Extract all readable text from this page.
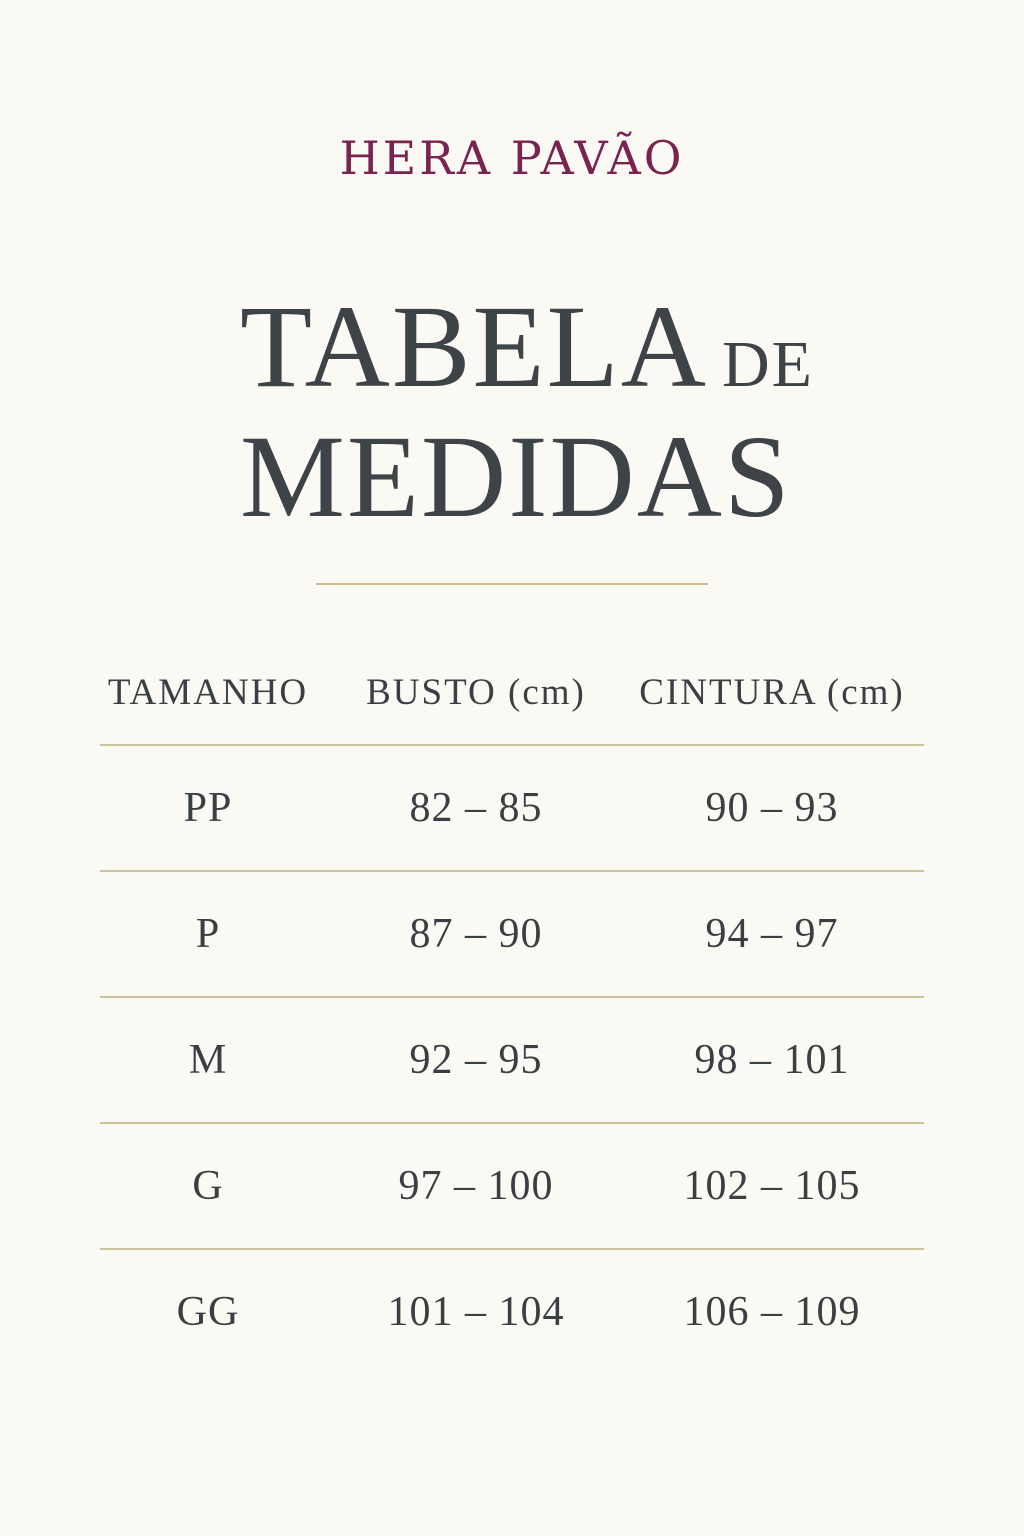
HERA PAVÃO
TABELA DE
MEDIDAS
TAMANHO	BUSTO (cm)	CINTURA (cm)
PP	82 – 85	90 – 93
P	87 – 90	94 – 97
M	92 – 95	98 – 101
G	97 – 100	102 – 105
GG	101 – 104	106 – 109
